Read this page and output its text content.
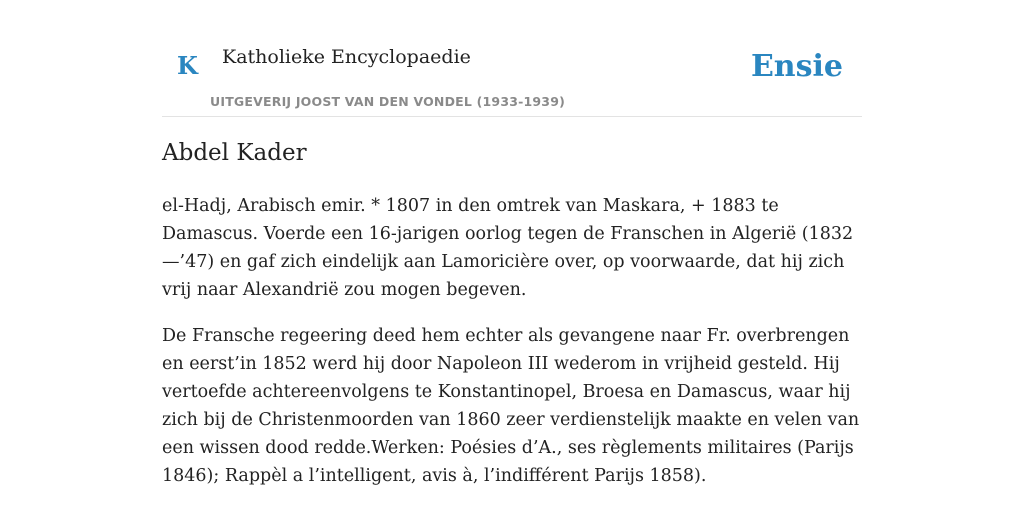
K Katholieke Encyclopaedie
UITGEVERIJ JOOST VAN DEN VONDEL (1933-1939)
Ensie
Abdel Kader

el-Hadj, Arabisch emir. * 1807 in den omtrek van Maskara, + 1883 te Damascus. Voerde een 16-jarigen oorlog tegen de Franschen in Algerië (1832—’47) en gaf zich eindelijk aan Lamoricière over, op voorwaarde, dat hij zich vrij naar Alexandrië zou mogen begeven.

De Fransche regeering deed hem echter als gevangene naar Fr. overbrengen en eerst’in 1852 werd hij door Napoleon III wederom in vrijheid gesteld. Hij vertoefde achtereenvolgens te Konstantinopel, Broesa en Damascus, waar hij zich bij de Christenmoorden van 1860 zeer verdienstelijk maakte en velen van een wissen dood redde.Werken: Poésies d’A., ses règlements militaires (Parijs 1846); Rappèl a l’intelligent, avis à, l’indifférent Parijs 1858).
